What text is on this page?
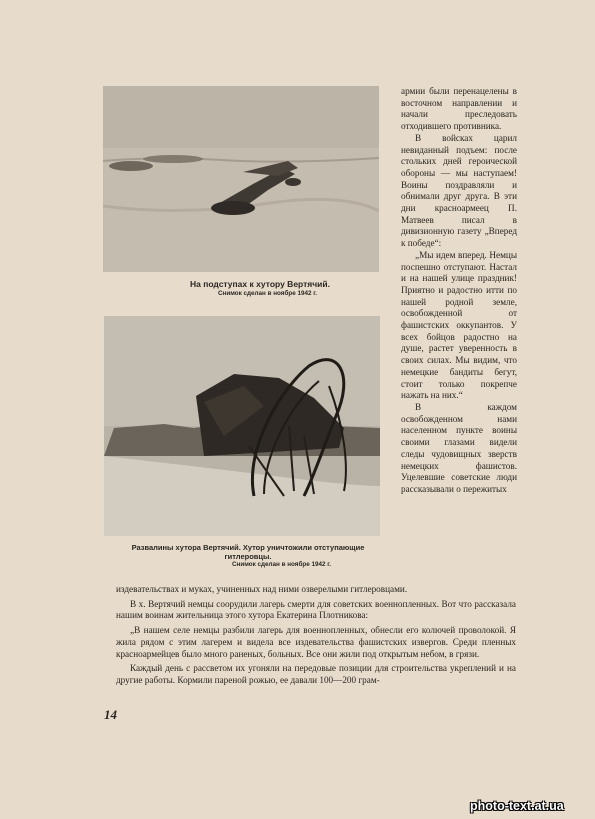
На подступах к хутору Вертячий.
Снимок сделан в ноябре 1942 г.
Развалины хутора Вертячий. Хутор уничтожили отступающие гитлеровцы.
Снимок сделан в ноябре 1942 г.

армии были перенацелены в восточном направлении и начали преследовать отходившего противника.

В войсках царил невиданный подъем: после стольких дней героической обороны — мы наступаем! Воины поздравляли и обнимали друг друга. В эти дни красноармеец П. Матвеев писал в дивизионную газету „Вперед к победе“:

„Мы идем вперед. Немцы поспешно отступают. Настал и на нашей улице праздник! Приятно и радостно итти по нашей родной земле, освобожденной от фашистских оккупантов. У всех бойцов радостно на душе, растет уверенность в своих силах. Мы видим, что немецкие бандиты бегут, стоит только покрепче нажать на них.“

В каждом освобожденном нами населенном пункте воины своими глазами видели следы чудовищных зверств немецких фашистов. Уцелевшие советские люди рассказывали о пережитых

издевательствах и муках, учиненных над ними озверелыми гитлеровцами.

В х. Вертячий немцы соорудили лагерь смерти для советских военнопленных. Вот что рассказала нашим воинам жительница этого хутора Екатерина Плотникова:

„В нашем селе немцы разбили лагерь для военнопленных, обнесли его колючей проволокой. Я жила рядом с этим лагерем и видела все издевательства фашистских извергов. Среди пленных красноармейцев было много раненых, больных. Все они жили под открытым небом, в грязи.

Каждый день с рассветом их угоняли на передовые позиции для строительства укреплений и на другие работы. Кормили пареной рожью, ее давали 100—200 грам-

14
photo-text.at.ua
